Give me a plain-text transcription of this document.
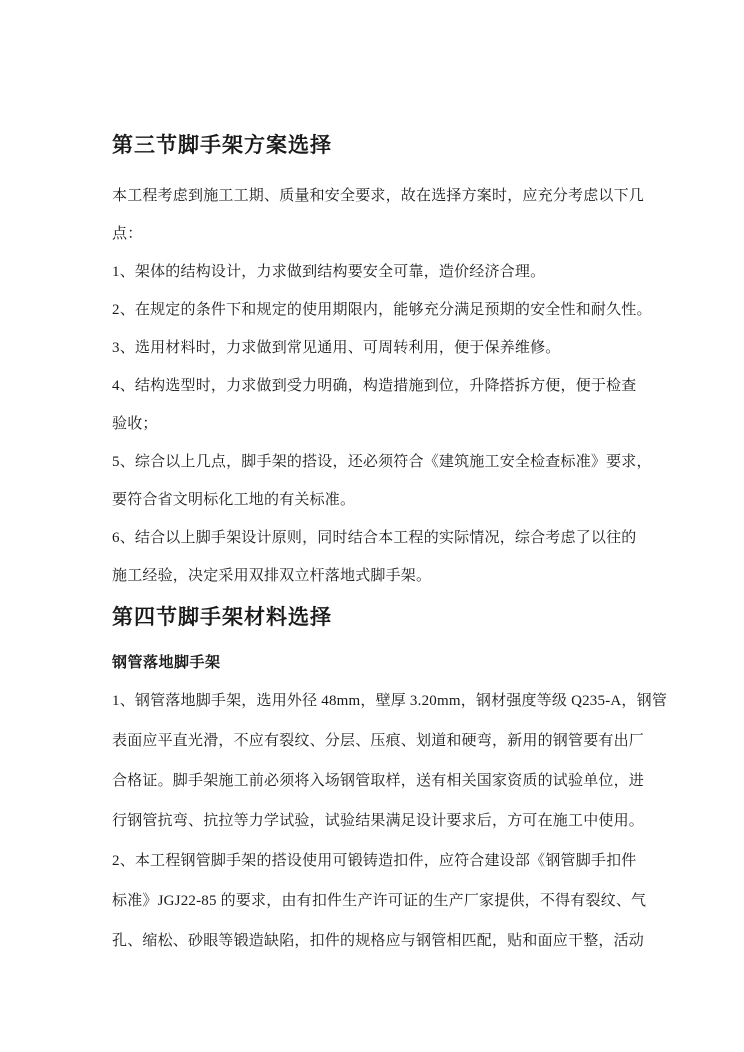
第三节脚手架方案选择
本工程考虑到施工工期、质量和安全要求，故在选择方案时，应充分考虑以下几
点：
1、架体的结构设计，力求做到结构要安全可靠，造价经济合理。
2、在规定的条件下和规定的使用期限内，能够充分满足预期的安全性和耐久性。
3、选用材料时，力求做到常见通用、可周转利用，便于保养维修。
4、结构选型时，力求做到受力明确，构造措施到位，升降搭拆方便，便于检查
验收；
5、综合以上几点，脚手架的搭设，还必须符合《建筑施工安全检查标准》要求，
要符合省文明标化工地的有关标准。
6、结合以上脚手架设计原则，同时结合本工程的实际情况，综合考虑了以往的
施工经验，决定采用双排双立杆落地式脚手架。
第四节脚手架材料选择
钢管落地脚手架
1、钢管落地脚手架，选用外径 48mm，壁厚 3.20mm，钢材强度等级 Q235-A，钢管
表面应平直光滑，不应有裂纹、分层、压痕、划道和硬弯，新用的钢管要有出厂
合格证。脚手架施工前必须将入场钢管取样，送有相关国家资质的试验单位，进
行钢管抗弯、抗拉等力学试验，试验结果满足设计要求后，方可在施工中使用。
2、本工程钢管脚手架的搭设使用可锻铸造扣件，应符合建设部《钢管脚手扣件
标准》JGJ22-85 的要求，由有扣件生产许可证的生产厂家提供，不得有裂纹、气
孔、缩松、砂眼等锻造缺陷，扣件的规格应与钢管相匹配，贴和面应干整，活动
